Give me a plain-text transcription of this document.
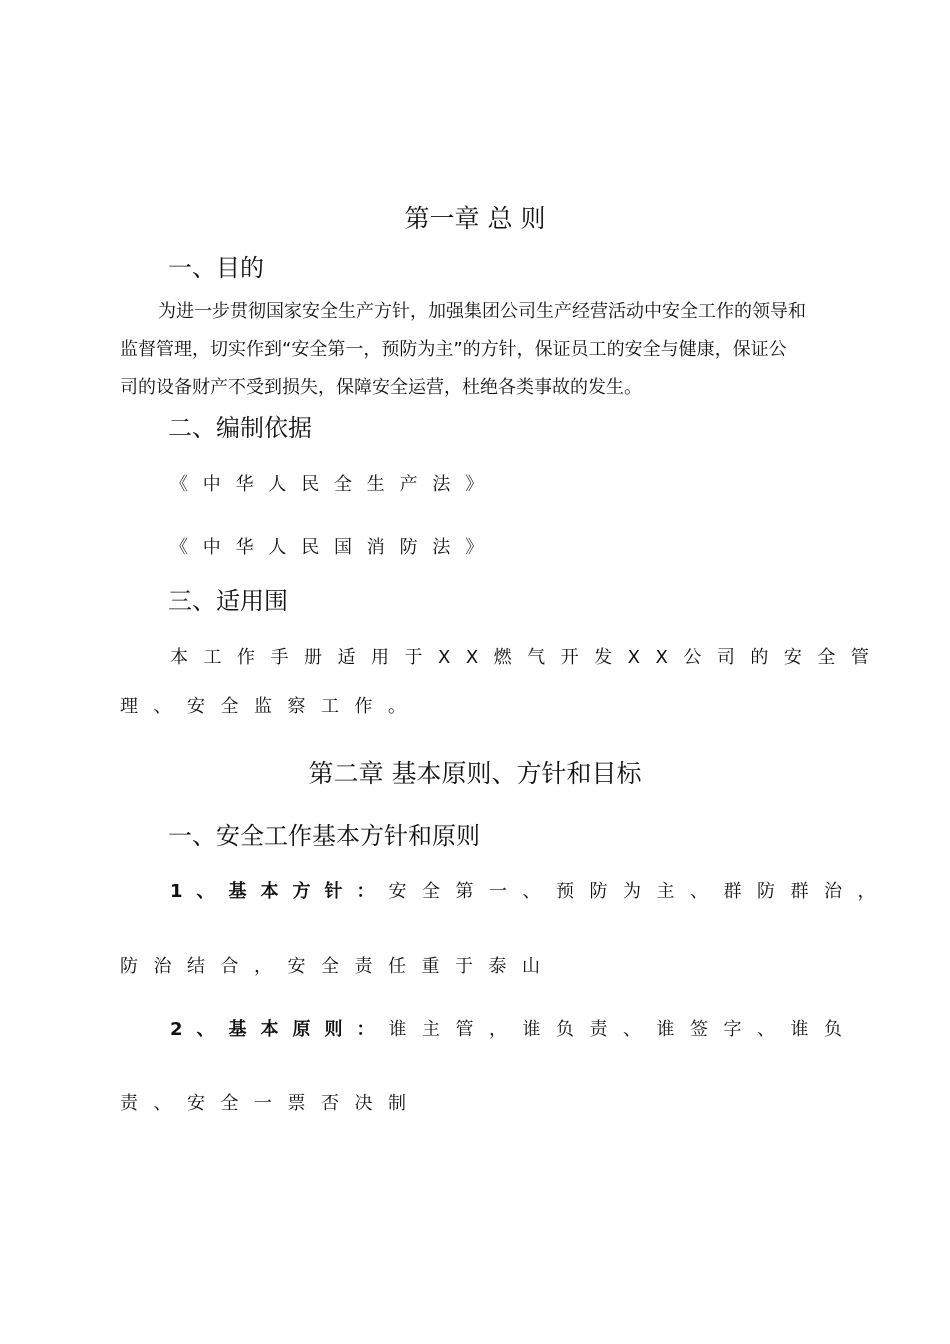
第一章 总 则
一、目的

为进一步贯彻国家安全生产方针，加强集团公司生产经营活动中安全工作的领导和

监督管理，切实作到“安全第一，预防为主”的方针，保证员工的安全与健康，保证公

司的设备财产不受到损失，保障安全运营，杜绝各类事故的发生。

二、编制依据

《中华人民全生产法》

《中华人民国消防法》

三、适用围

本工作手册适用于XX燃气开发XX公司的安全管

理、安全监察工作。

第二章 基本原则、方针和目标
一、安全工作基本方针和原则

1、基本方针：安全第一、预防为主、群防群治，

防治结合，安全责任重于泰山

2、基本原则：谁主管，谁负责、谁签字、谁负

责、安全一票否决制
